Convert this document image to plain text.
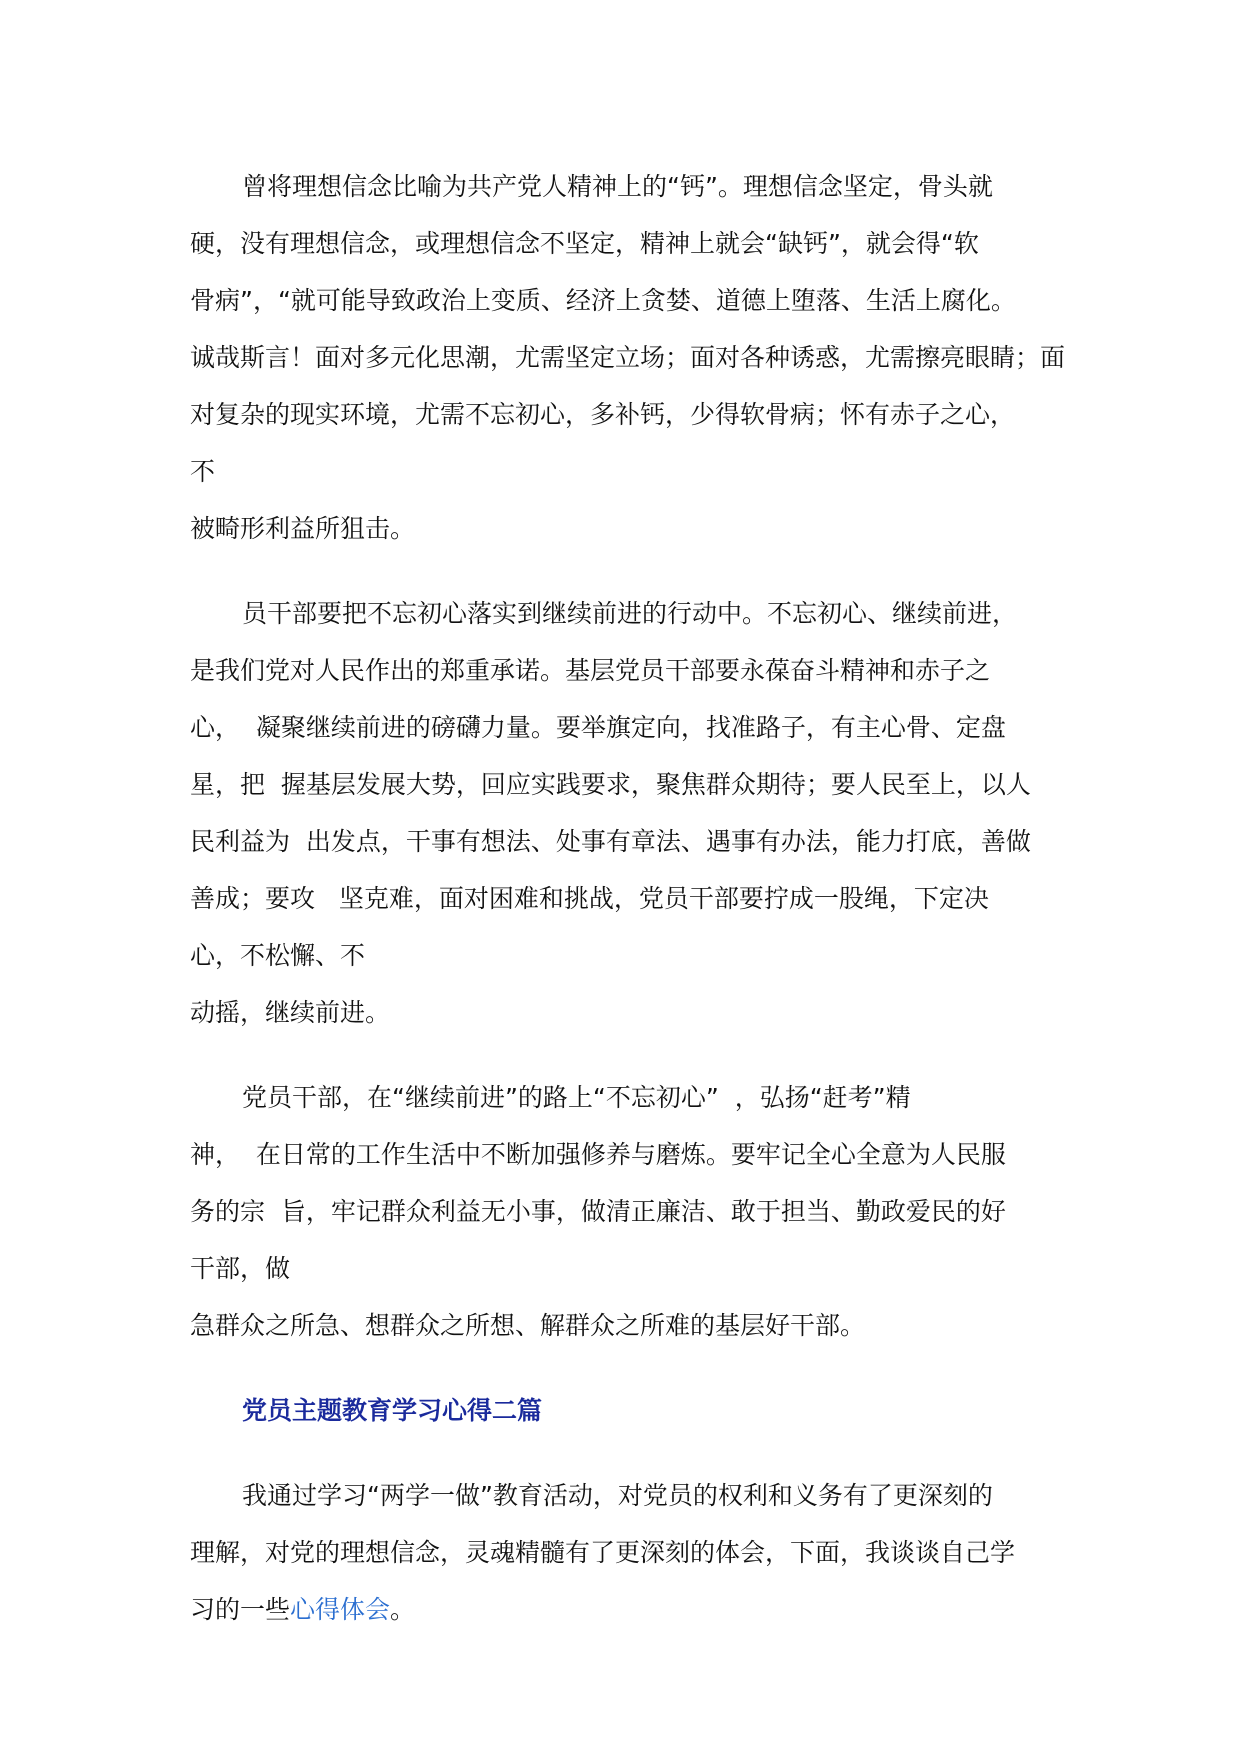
曾将理想信念比喻为共产党人精神上的“钙”。理想信念坚定，骨头就
硬，没有理想信念，或理想信念不坚定，精神上就会“缺钙”，就会得“软
骨病”，“就可能导致政治上变质、经济上贪婪、道德上堕落、生活上腐化。
诚哉斯言！面对多元化思潮，尤需坚定立场；面对各种诱惑，尤需擦亮眼睛；面
对复杂的现实环境，尤需不忘初心，多补钙，少得软骨病；怀有赤子之心，
不
被畸形利益所狙击。
员干部要把不忘初心落实到继续前进的行动中。不忘初心、继续前进，
是我们党对人民作出的郑重承诺。基层党员干部要永葆奋斗精神和赤子之
心，  凝聚继续前进的磅礴力量。要举旗定向，找准路子，有主心骨、定盘
星，把  握基层发展大势，回应实践要求，聚焦群众期待；要人民至上，以人
民利益为  出发点，干事有想法、处事有章法、遇事有办法，能力打底，善做
善成；要攻   坚克难，面对困难和挑战，党员干部要拧成一股绳，下定决
心，不松懈、不
动摇，继续前进。
党员干部，在“继续前进”的路上“不忘初心”  ，弘扬“赶考”精
神，  在日常的工作生活中不断加强修养与磨炼。要牢记全心全意为人民服
务的宗  旨，牢记群众利益无小事，做清正廉洁、敢于担当、勤政爱民的好
干部，做
急群众之所急、想群众之所想、解群众之所难的基层好干部。
党员主题教育学习心得二篇
我通过学习“两学一做”教育活动，对党员的权利和义务有了更深刻的
理解，对党的理想信念，灵魂精髓有了更深刻的体会，下面，我谈谈自己学
习的一些心得体会。
